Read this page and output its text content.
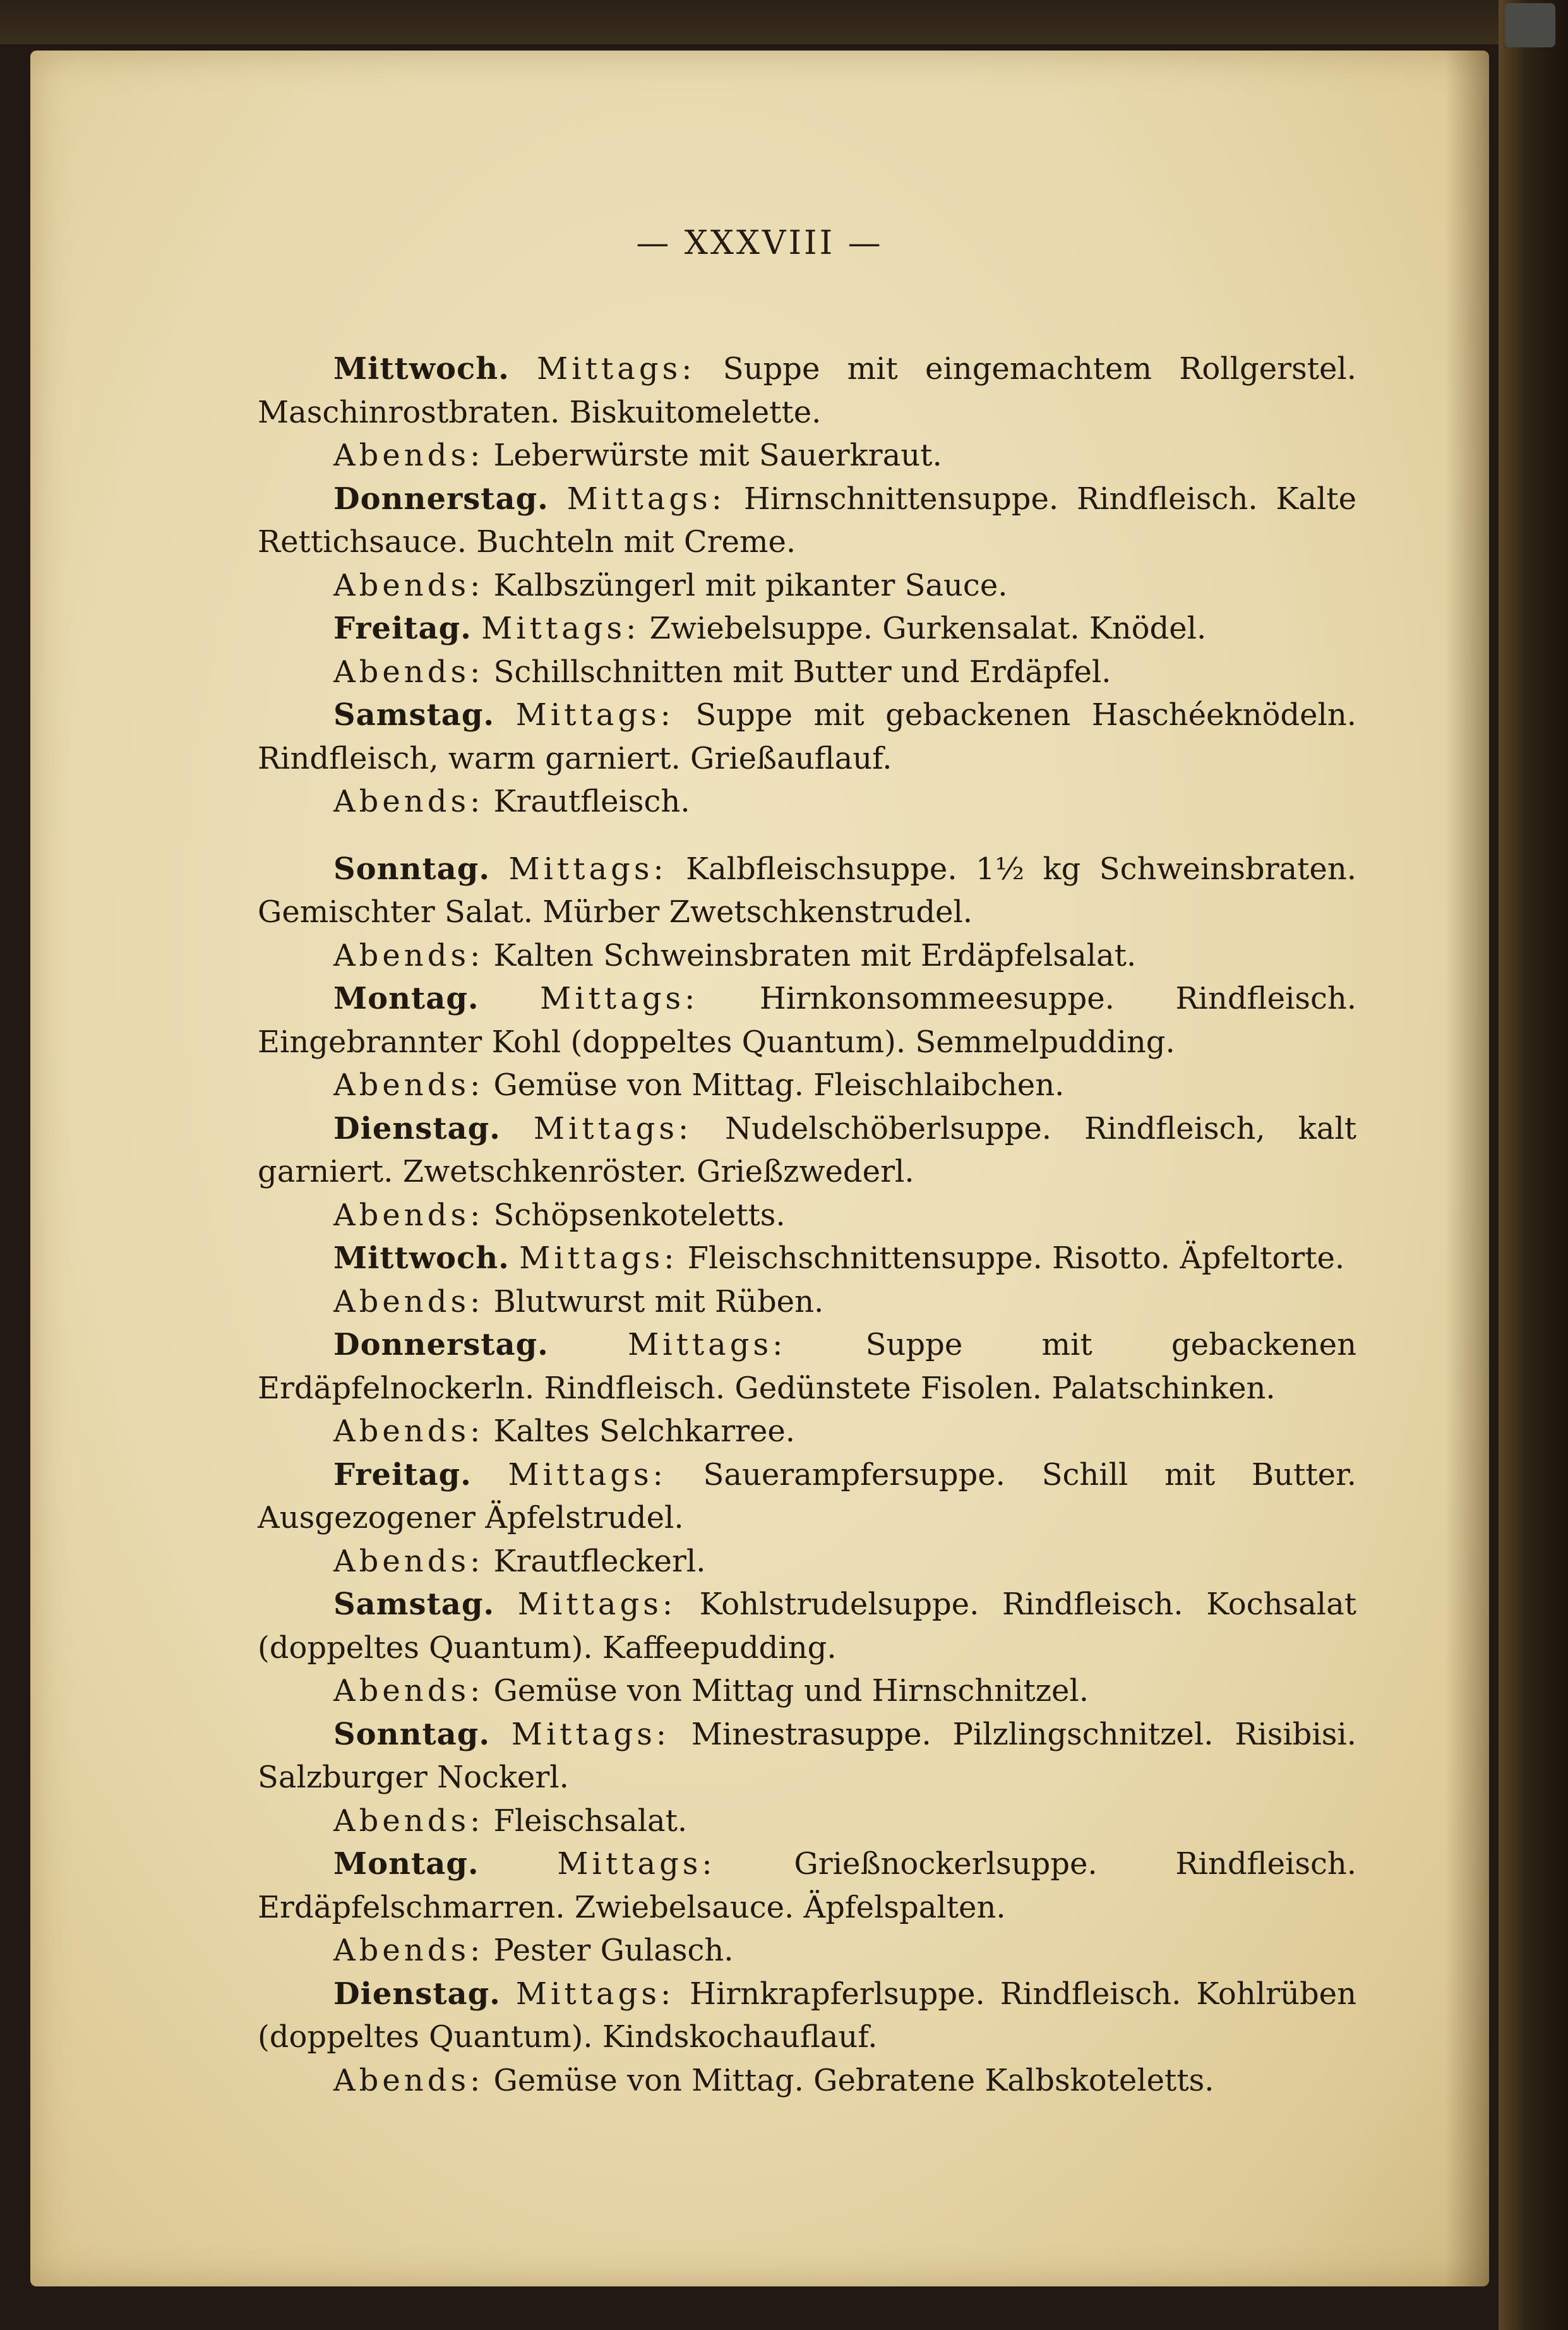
— XXXVIII —

Mittwoch. Mittags: Suppe mit eingemachtem Rollgerstel. Maschinrostbraten. Biskuitomelette.

Abends: Leberwürste mit Sauerkraut.

Donnerstag. Mittags: Hirnschnittensuppe. Rindfleisch. Kalte Rettichsauce. Buchteln mit Creme.

Abends: Kalbszüngerl mit pikanter Sauce.

Freitag. Mittags: Zwiebelsuppe. Gurkensalat. Knödel.

Abends: Schillschnitten mit Butter und Erdäpfel.

Samstag. Mittags: Suppe mit gebackenen Haschéeknödeln. Rindfleisch, warm garniert. Grießauflauf.

Abends: Krautfleisch.

Sonntag. Mittags: Kalbfleischsuppe. 1½ kg Schweinsbraten. Gemischter Salat. Mürber Zwetschkenstrudel.

Abends: Kalten Schweinsbraten mit Erdäpfelsalat.

Montag. Mittags: Hirnkonsommeesuppe. Rindfleisch. Eingebrannter Kohl (doppeltes Quantum). Semmelpudding.

Abends: Gemüse von Mittag. Fleischlaibchen.

Dienstag. Mittags: Nudelschöberlsuppe. Rindfleisch, kalt garniert. Zwetschkenröster. Grießzwederl.

Abends: Schöpsenkoteletts.

Mittwoch. Mittags: Fleischschnittensuppe. Risotto. Äpfeltorte.

Abends: Blutwurst mit Rüben.

Donnerstag.	Mittags:	Suppe mit gebackenen Erdäpfelnockerln. Rindfleisch. Gedünstete Fisolen. Palatschinken.

Abends: Kaltes Selchkarree.

Freitag. Mittags: Sauerampfersuppe. Schill mit Butter. Ausgezogener Äpfelstrudel.

Abends: Krautfleckerl.

Samstag. Mittags: Kohlstrudelsuppe. Rindfleisch. Kochsalat (doppeltes Quantum). Kaffeepudding.

Abends: Gemüse von Mittag und Hirnschnitzel.

Sonntag. Mittags: Minestrasuppe. Pilzlingschnitzel. Risibisi. Salzburger Nockerl.

Abends: Fleischsalat.

Montag.	Mittags:	Grießnockerlsuppe. Rindfleisch. Erdäpfelschmarren. Zwiebelsauce. Äpfelspalten.

Abends: Pester Gulasch.

Dienstag. Mittags: Hirnkrapferlsuppe. Rindfleisch. Kohlrüben (doppeltes Quantum). Kindskochauflauf.

Abends: Gemüse von Mittag. Gebratene Kalbskoteletts.
